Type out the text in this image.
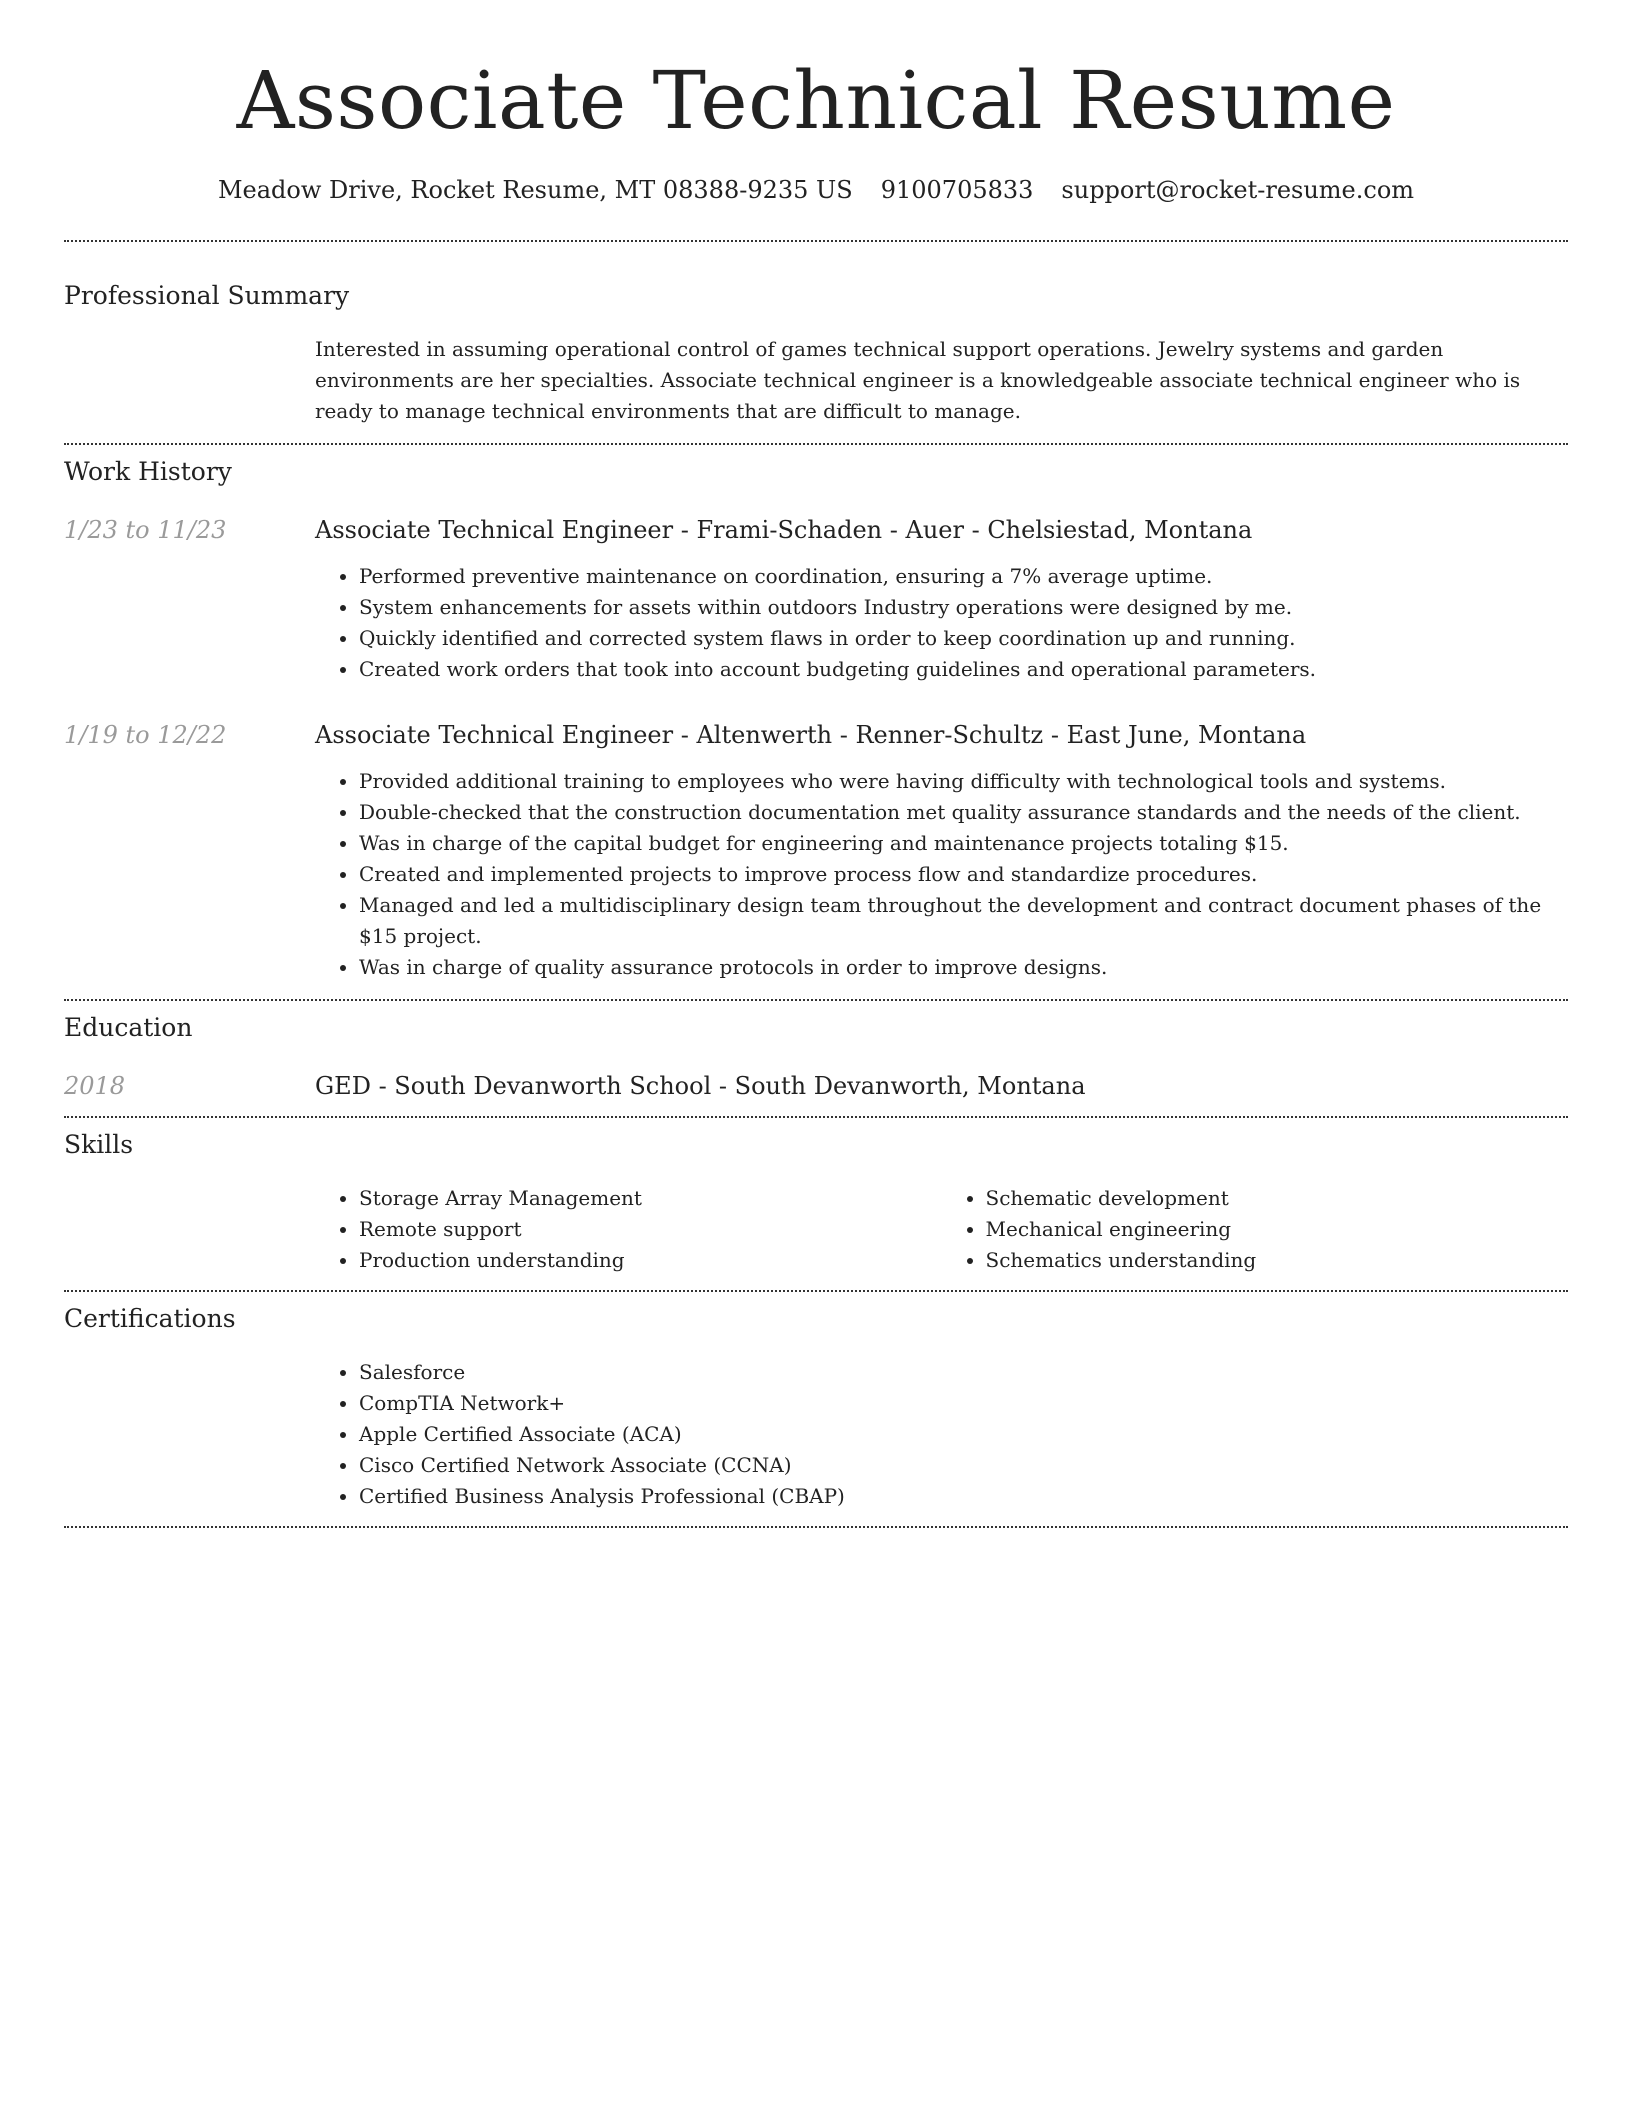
Associate Technical Resume
Meadow Drive, Rocket Resume, MT 08388-9235 US 9100705833 support@rocket-resume.com
Professional Summary

Interested in assuming operational control of games technical support operations. Jewelry systems and garden environments are her specialties. Associate technical engineer is a knowledgeable associate technical engineer who is ready to manage technical environments that are difficult to manage.

Work History
1/23 to 11/23	Associate Technical Engineer - Frami-Schaden - Auer - Chelsiestad, Montana
• Performed preventive maintenance on coordination, ensuring a 7% average uptime.
• System enhancements for assets within outdoors Industry operations were designed by me.
• Quickly identified and corrected system flaws in order to keep coordination up and running.
• Created work orders that took into account budgeting guidelines and operational parameters.
1/19 to 12/22	Associate Technical Engineer - Altenwerth - Renner-Schultz - East June, Montana
• Provided additional training to employees who were having difficulty with technological tools and systems.
• Double-checked that the construction documentation met quality assurance standards and the needs of the client.
• Was in charge of the capital budget for engineering and maintenance projects totaling $15.
• Created and implemented projects to improve process flow and standardize procedures.
• Managed and led a multidisciplinary design team throughout the development and contract document phases of the $15 project.
• Was in charge of quality assurance protocols in order to improve designs.
Education
2018	GED - South Devanworth School - South Devanworth, Montana
Skills
• Storage Array Management
• Remote support
• Production understanding
• Schematic development
• Mechanical engineering
• Schematics understanding
Certifications
• Salesforce
• CompTIA Network+
• Apple Certified Associate (ACA)
• Cisco Certified Network Associate (CCNA)
• Certified Business Analysis Professional (CBAP)
